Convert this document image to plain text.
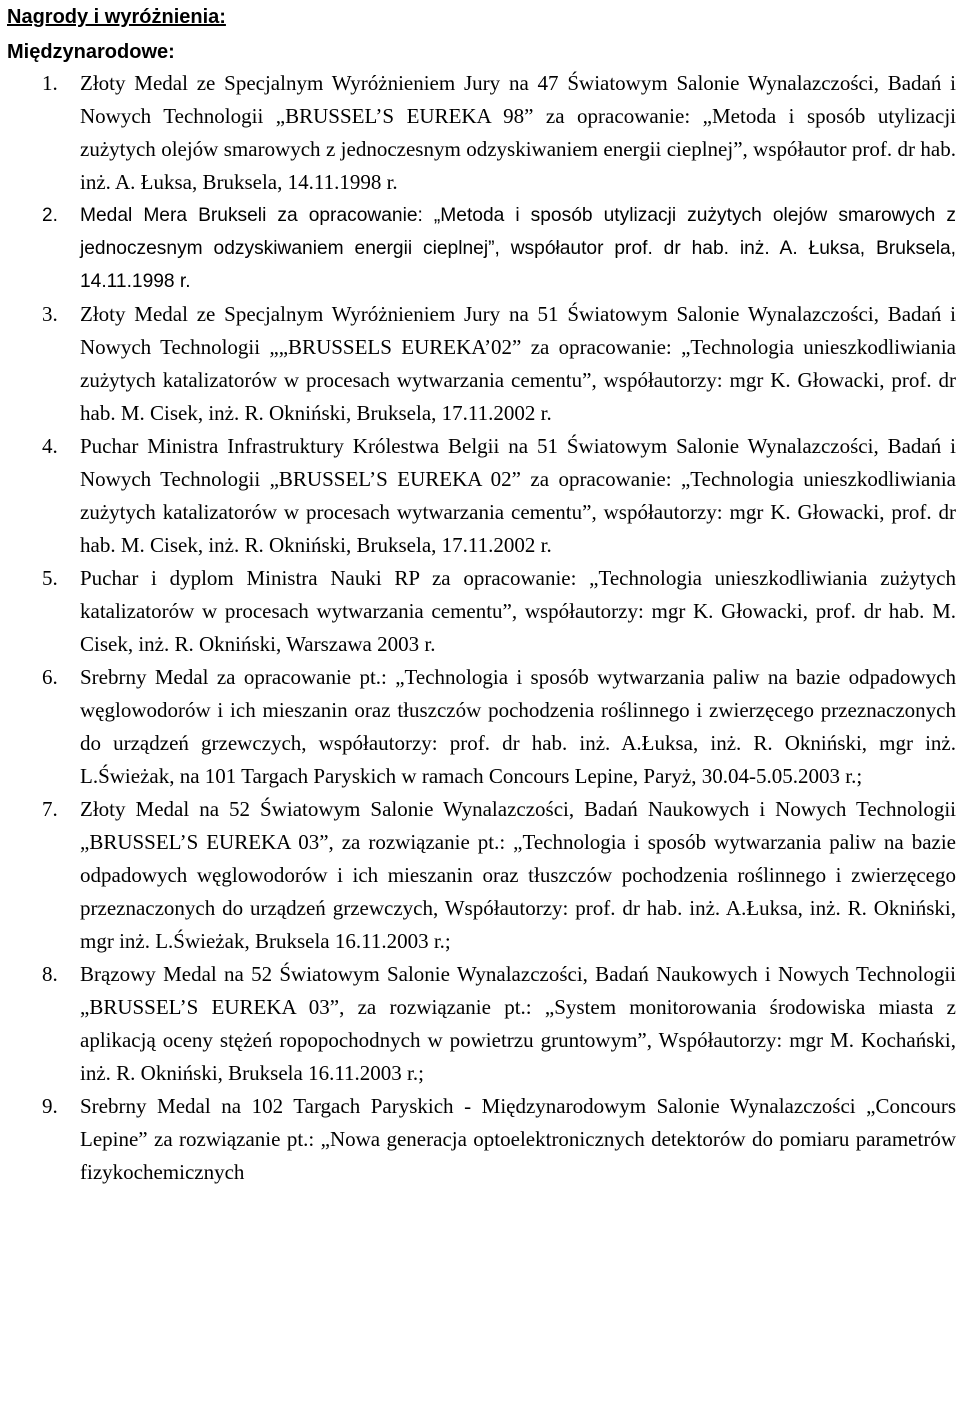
Nagrody i wyróżnienia:
Międzynarodowe:
1. Złoty Medal ze Specjalnym Wyróżnieniem Jury na 47 Światowym Salonie Wynalazczości, Badań i Nowych Technologii „BRUSSEL’S EUREKA 98” za opracowanie: „Metoda i sposób utylizacji zużytych olejów smarowych z jednoczesnym odzyskiwaniem energii cieplnej”, współautor prof. dr hab. inż. A. Łuksa, Bruksela, 14.11.1998 r.
2. Medal Mera Brukseli za opracowanie: „Metoda i sposób utylizacji zużytych olejów smarowych z jednoczesnym odzyskiwaniem energii cieplnej”, współautor prof. dr hab. inż. A. Łuksa, Bruksela, 14.11.1998 r.
3. Złoty Medal ze Specjalnym Wyróżnieniem Jury na 51 Światowym Salonie Wynalazczości, Badań i Nowych Technologii „„BRUSSELS EUREKA’02” za opracowanie: „Technologia unieszkodliwiania zużytych katalizatorów w procesach wytwarzania cementu”, współautorzy: mgr K. Głowacki, prof. dr hab. M. Cisek, inż. R. Okniński, Bruksela, 17.11.2002 r.
4. Puchar Ministra Infrastruktury Królestwa Belgii na 51 Światowym Salonie Wynalazczości, Badań i Nowych Technologii „BRUSSEL’S EUREKA 02” za opracowanie: „Technologia unieszkodliwiania zużytych katalizatorów w procesach wytwarzania cementu”, współautorzy: mgr K. Głowacki, prof. dr hab. M. Cisek, inż. R. Okniński, Bruksela, 17.11.2002 r.
5. Puchar i dyplom Ministra Nauki RP za opracowanie: „Technologia unieszkodliwiania zużytych katalizatorów w procesach wytwarzania cementu”, współautorzy: mgr K. Głowacki, prof. dr hab. M. Cisek, inż. R. Okniński, Warszawa 2003 r.
6. Srebrny Medal za opracowanie pt.: „Technologia i sposób wytwarzania paliw na bazie odpadowych węglowodorów i ich mieszanin oraz tłuszczów pochodzenia roślinnego i zwierzęcego przeznaczonych do urządzeń grzewczych, współautorzy: prof. dr hab. inż. A.Łuksa, inż. R. Okniński, mgr inż. L.Świeżak, na 101 Targach Paryskich w ramach Concours Lepine, Paryż, 30.04-5.05.2003 r.;
7. Złoty Medal na 52 Światowym Salonie Wynalazczości, Badań Naukowych i Nowych Technologii „BRUSSEL’S EUREKA 03”, za rozwiązanie pt.: „Technologia i sposób wytwarzania paliw na bazie odpadowych węglowodorów i ich mieszanin oraz tłuszczów pochodzenia roślinnego i zwierzęcego przeznaczonych do urządzeń grzewczych, Współautorzy: prof. dr hab. inż. A.Łuksa, inż. R. Okniński, mgr inż. L.Świeżak, Bruksela 16.11.2003 r.;
8. Brązowy Medal na 52 Światowym Salonie Wynalazczości, Badań Naukowych i Nowych Technologii „BRUSSEL’S EUREKA 03”, za rozwiązanie pt.: „System monitorowania środowiska miasta z aplikacją oceny stężeń ropopochodnych w powietrzu gruntowym”, Współautorzy: mgr M. Kochański, inż. R. Okniński, Bruksela 16.11.2003 r.;
9. Srebrny Medal na 102 Targach Paryskich - Międzynarodowym Salonie Wynalazczości „Concours Lepine” za rozwiązanie pt.: „Nowa generacja optoelektronicznych detektorów do pomiaru parametrów fizykochemicznych
